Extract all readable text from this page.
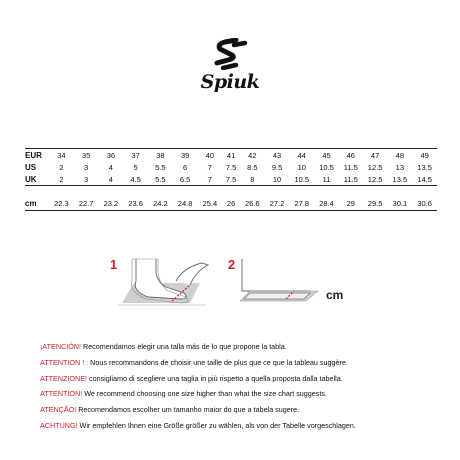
Spiuk
EUR	34	35	36	37	38	39	40	41	42	43	44	45	46	47	48	49
US	2	3	4	5	5.5	6	7	7.5	8.5	9.5	10	10.5	11.5	12.5	13	13.5
UK	2	3	4	4.5	5.5	6.5	7	7.5	8	10	10.5	11	11.5	12.5	13.5	14.5

cm	22.3	22.7	23.2	23.6	24.2	24.8	25.4	26	26.6	27.2	27.8	28.4	29	29.5	30.1	30.6
1	2
cm
¡ATENCIÓN! Recomendamos elegir una talla más de lo que propone la tabla.
ATTENTION ! : Nous recommandons de choisir une taille de plus que ce que la tableau suggère.
ATTENZIONE! consigliamo di scegliere una taglia in più rispetto a quella proposta dalla tabella.
ATTENTION! We recommend choosing one size higher than what the size chart suggests.
ATENÇÃO! Recomendamos escolher um tamanho maior do que a tabela sugere.
ACHTUNG! Wir empfehlen Ihnen eine Größe größer zu wählen, als von der Tabelle vorgeschlagen.
